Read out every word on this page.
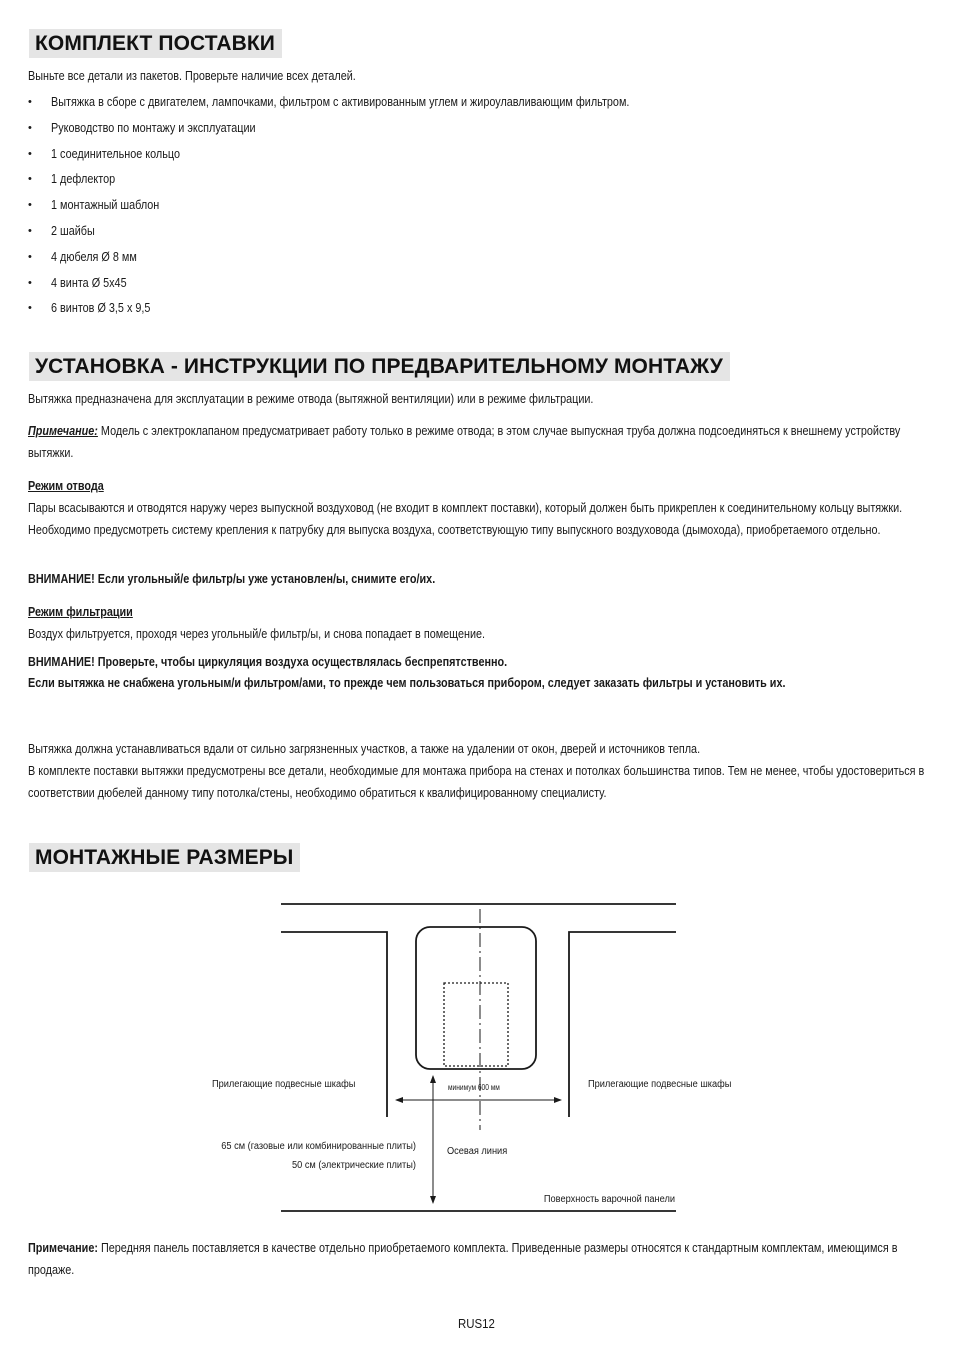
КОМПЛЕКТ ПОСТАВКИ
Выньте все детали из пакетов. Проверьте наличие всех деталей.
• Вытяжка в сборе с двигателем, лампочками, фильтром с активированным углем и жироулавливающим фильтром.
• Руководство по монтажу и эксплуатации
• 1 соединительное кольцо
• 1 дефлектор
• 1 монтажный шаблон
• 2 шайбы
• 4 дюбеля Ø 8 мм
• 4 винта Ø 5x45
• 6 винтов Ø 3,5 x 9,5
УСТАНОВКА - ИНСТРУКЦИИ ПО ПРЕДВАРИТЕЛЬНОМУ МОНТАЖУ
Вытяжка предназначена для эксплуатации в режиме отвода (вытяжной вентиляции) или в режиме фильтрации.
Примечание: Модель с электроклапаном предусматривает работу только в режиме отвода; в этом случае выпускная труба должна подсоединяться к внешнему устройству вытяжки.
Режим отвода
Пары всасываются и отводятся наружу через выпускной воздуховод (не входит в комплект поставки), который должен быть прикреплен к соединительному кольцу вытяжки. Необходимо предусмотреть систему крепления к патрубку для выпуска воздуха, соответствующую типу выпускного воздуховода (дымохода), приобретаемого отдельно.
ВНИМАНИЕ! Если угольный/е фильтр/ы уже установлен/ы, снимите его/их.
Режим фильтрации
Воздух фильтруется, проходя через угольный/е фильтр/ы, и снова попадает в помещение.
ВНИМАНИЕ! Проверьте, чтобы циркуляция воздуха осуществлялась беспрепятственно.
Если вытяжка не снабжена угольным/и фильтром/ами, то прежде чем пользоваться прибором, следует заказать фильтры и установить их.
Вытяжка должна устанавливаться вдали от сильно загрязненных участков, а также на удалении от окон, дверей и источников тепла.
В комплекте поставки вытяжки предусмотрены все детали, необходимые для монтажа прибора на стенах и потолках большинства типов. Тем не менее, чтобы удостовериться в соответствии дюбелей данному типу потолка/стены, необходимо обратиться к квалифицированному специалисту.
МОНТАЖНЫЕ РАЗМЕРЫ
Прилегающие подвесные шкафы	Прилегающие подвесные шкафы
минимум 600 мм
65 см (газовые или комбинированные плиты)
50 см (электрические плиты)
Осевая линия
Поверхность варочной панели
Примечание: Передняя панель поставляется в качестве отдельно приобретаемого комплекта. Приведенные размеры относятся к стандартным комплектам, имеющимся в продаже.
RUS12
